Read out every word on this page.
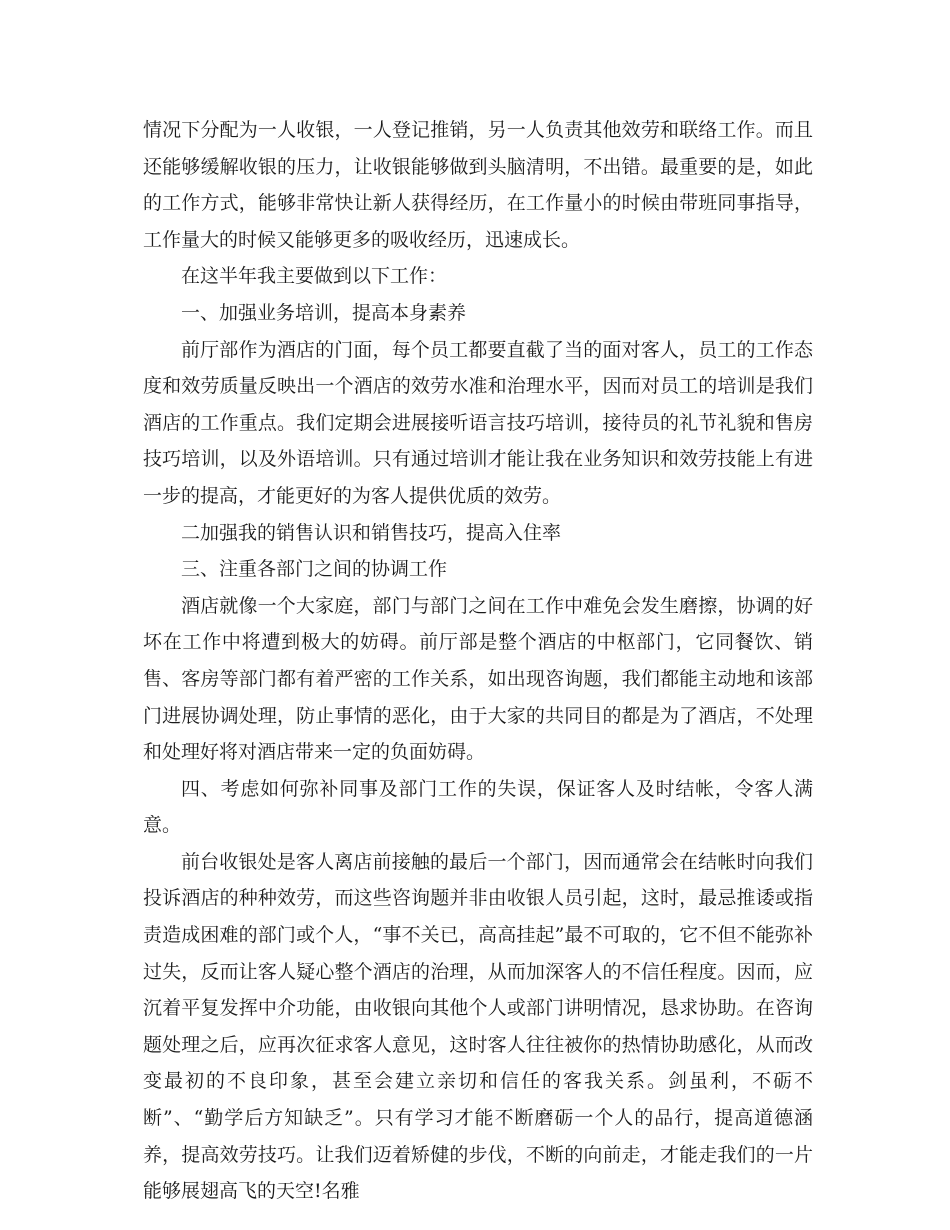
情况下分配为一人收银，一人登记推销，另一人负责其他效劳和联络工作。而且还能够缓解收银的压力，让收银能够做到头脑清明，不出错。最重要的是，如此的工作方式，能够非常快让新人获得经历，在工作量小的时候由带班同事指导，工作量大的时候又能够更多的吸收经历，迅速成长。

在这半年我主要做到以下工作：

一、加强业务培训，提高本身素养

前厅部作为酒店的门面，每个员工都要直截了当的面对客人，员工的工作态度和效劳质量反映出一个酒店的效劳水准和治理水平，因而对员工的培训是我们酒店的工作重点。我们定期会进展接听语言技巧培训，接待员的礼节礼貌和售房技巧培训，以及外语培训。只有通过培训才能让我在业务知识和效劳技能上有进一步的提高，才能更好的为客人提供优质的效劳。

二加强我的销售认识和销售技巧，提高入住率

三、注重各部门之间的协调工作

酒店就像一个大家庭，部门与部门之间在工作中难免会发生磨擦，协调的好坏在工作中将遭到极大的妨碍。前厅部是整个酒店的中枢部门，它同餐饮、销售、客房等部门都有着严密的工作关系，如出现咨询题，我们都能主动地和该部门进展协调处理，防止事情的恶化，由于大家的共同目的都是为了酒店，不处理和处理好将对酒店带来一定的负面妨碍。

四、考虑如何弥补同事及部门工作的失误，保证客人及时结帐，令客人满意。

前台收银处是客人离店前接触的最后一个部门，因而通常会在结帐时向我们投诉酒店的种种效劳，而这些咨询题并非由收银人员引起，这时，最忌推诿或指责造成困难的部门或个人，“事不关已，高高挂起”最不可取的，它不但不能弥补过失，反而让客人疑心整个酒店的治理，从而加深客人的不信任程度。因而，应沉着平复发挥中介功能，由收银向其他个人或部门讲明情况，恳求协助。在咨询题处理之后，应再次征求客人意见，这时客人往往被你的热情协助感化，从而改变最初的不良印象，甚至会建立亲切和信任的客我关系。剑虽利，不砺不断”、“勤学后方知缺乏”。只有学习才能不断磨砺一个人的品行，提高道德涵养，提高效劳技巧。让我们迈着矫健的步伐，不断的向前走，才能走我们的一片能够展翅高飞的天空!名雅
